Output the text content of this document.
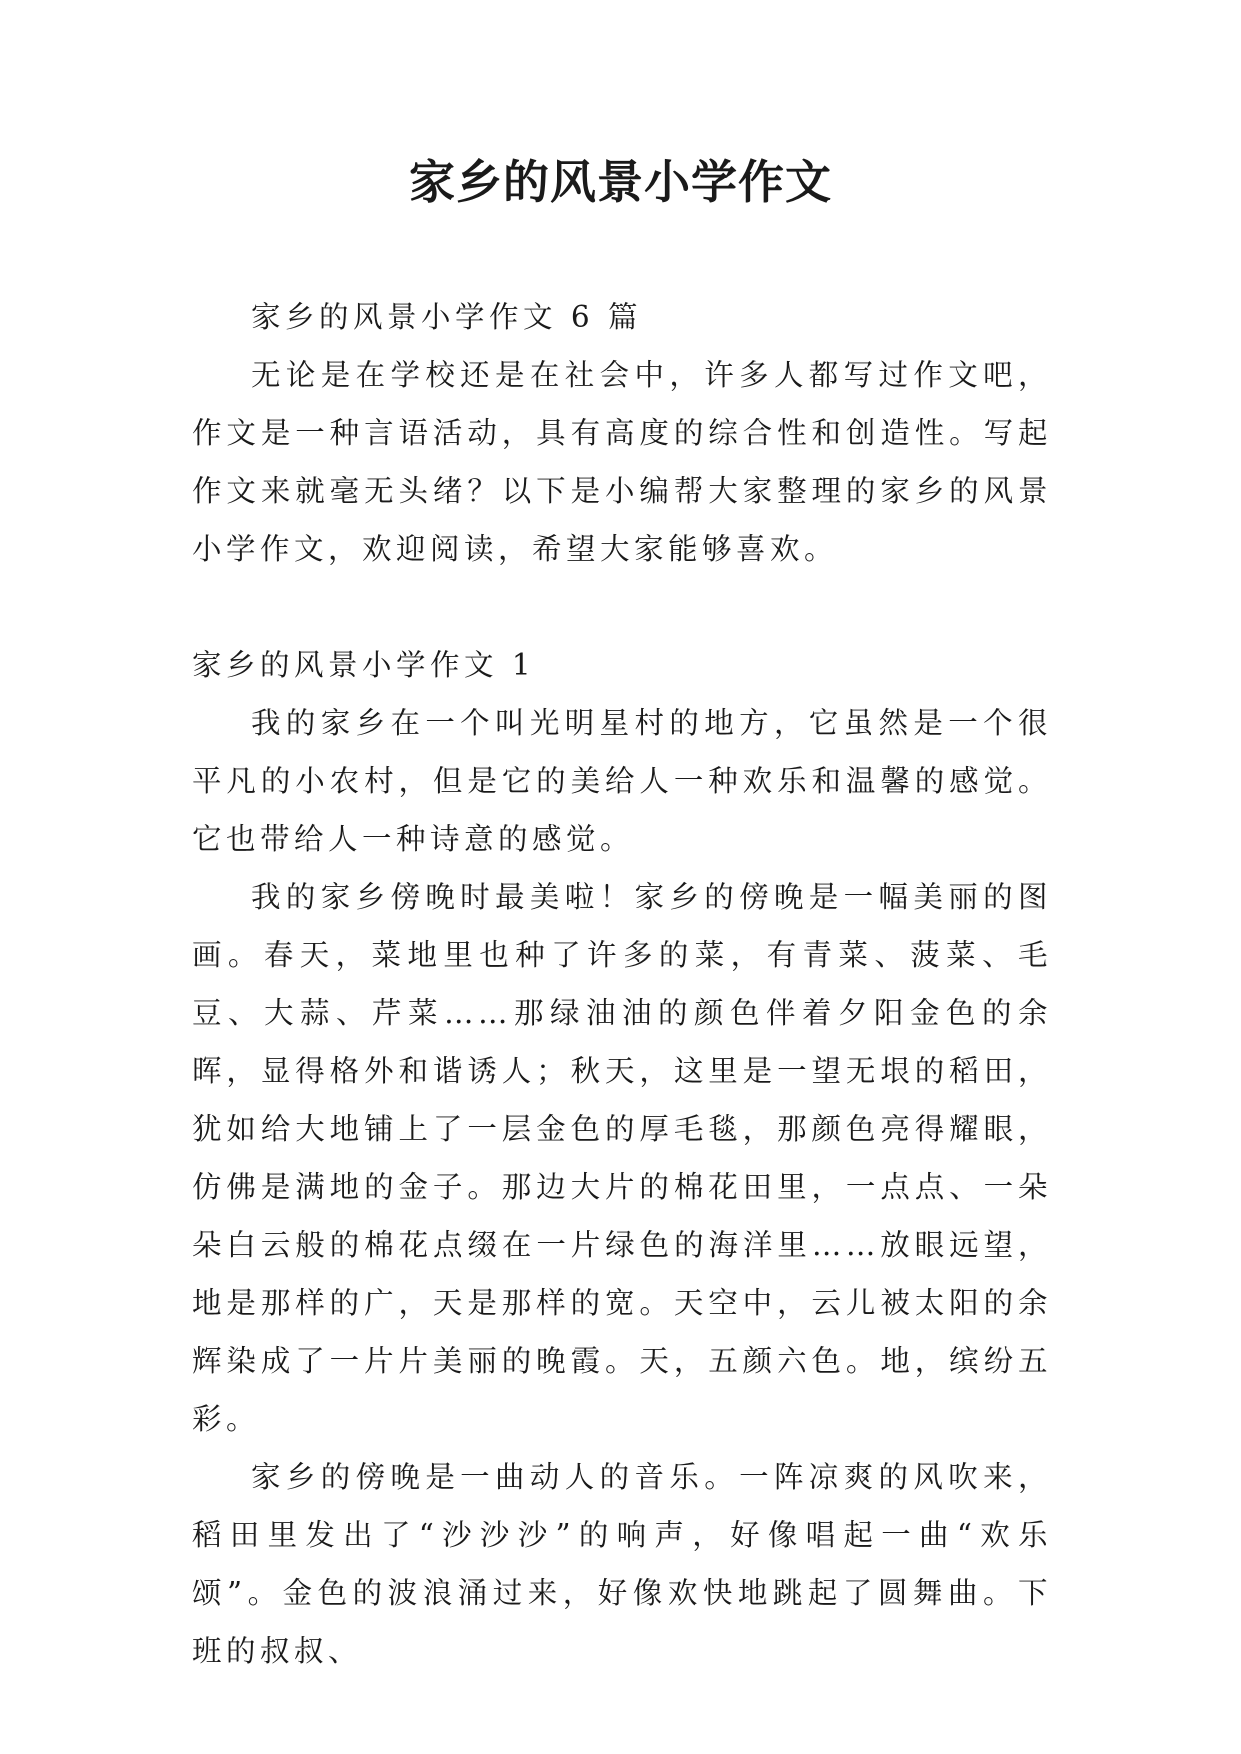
家乡的风景小学作文

家乡的风景小学作文 6 篇

无论是在学校还是在社会中，许多人都写过作文吧，作文是一种言语活动，具有高度的综合性和创造性。写起作文来就毫无头绪？以下是小编帮大家整理的家乡的风景小学作文，欢迎阅读，希望大家能够喜欢。

家乡的风景小学作文 1

我的家乡在一个叫光明星村的地方，它虽然是一个很平凡的小农村，但是它的美给人一种欢乐和温馨的感觉。它也带给人一种诗意的感觉。

我的家乡傍晚时最美啦！家乡的傍晚是一幅美丽的图画。春天，菜地里也种了许多的菜，有青菜、菠菜、毛豆、大蒜、芹菜……那绿油油的颜色伴着夕阳金色的余晖，显得格外和谐诱人；秋天，这里是一望无垠的稻田，犹如给大地铺上了一层金色的厚毛毯，那颜色亮得耀眼，仿佛是满地的金子。那边大片的棉花田里，一点点、一朵朵白云般的棉花点缀在一片绿色的海洋里……放眼远望，地是那样的广，天是那样的宽。天空中，云儿被太阳的余辉染成了一片片美丽的晚霞。天，五颜六色。地，缤纷五彩。

家乡的傍晚是一曲动人的音乐。一阵凉爽的风吹来，稻田里发出了“沙沙沙”的响声，好像唱起一曲“欢乐颂”。金色的波浪涌过来，好像欢快地跳起了圆舞曲。下班的叔叔、
